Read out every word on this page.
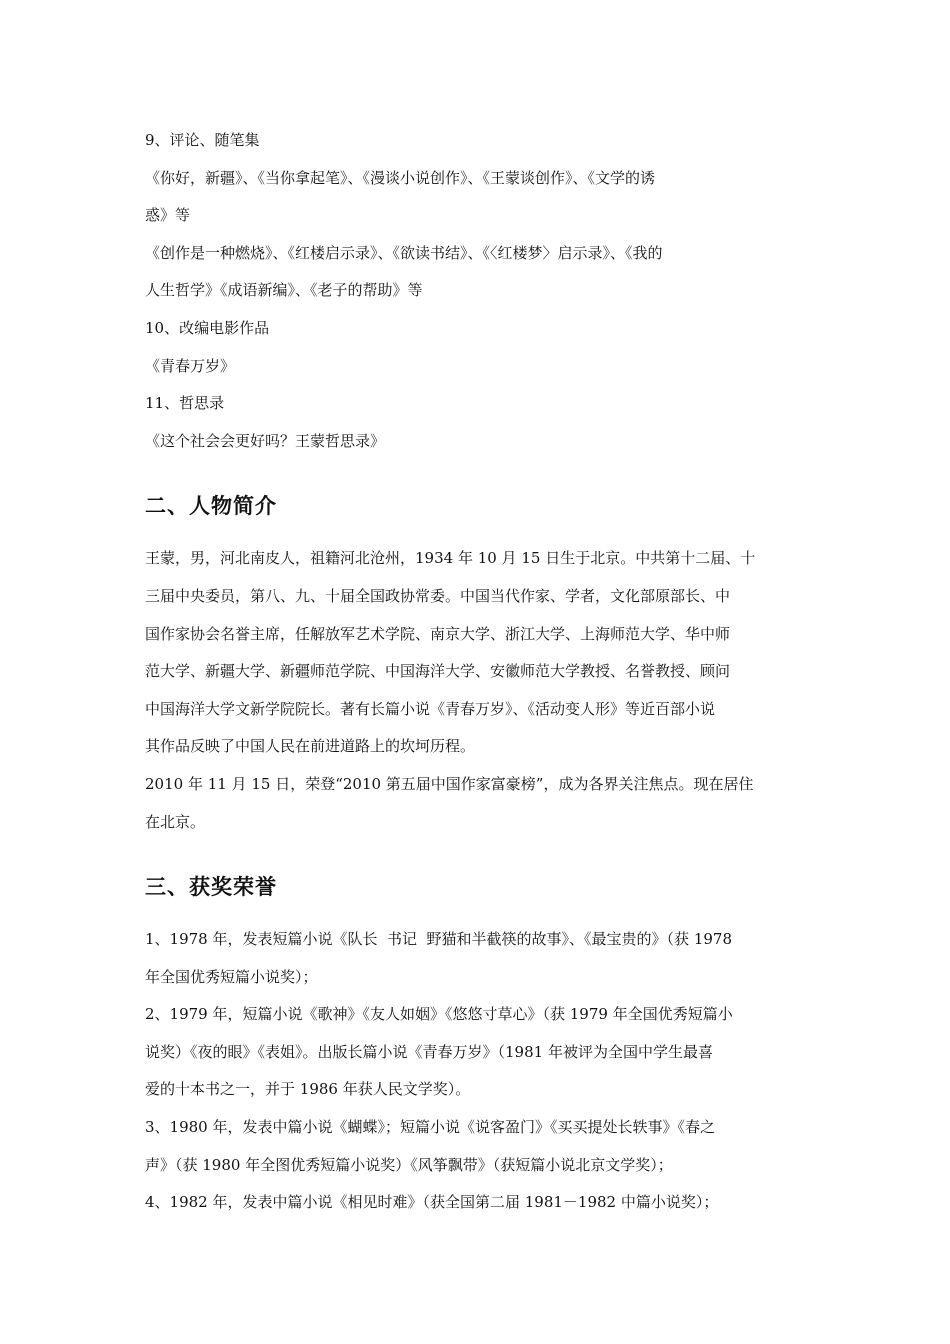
9、评论、随笔集

《你好，新疆》、《当你拿起笔》、《漫谈小说创作》、《王蒙谈创作》、《文学的诱

惑》等

《创作是一种燃烧》、《红楼启示录》、《欲读书结》、《〈红楼梦〉启示录》、《我的

人生哲学》《成语新编》、《老子的帮助》等

10、改编电影作品

《青春万岁》

11、哲思录

《这个社会会更好吗？王蒙哲思录》

二、人物简介

王蒙，男，河北南皮人，祖籍河北沧州，1934 年 10 月 15 日生于北京。中共第十二届、十

三届中央委员，第八、九、十届全国政协常委。中国当代作家、学者，文化部原部长、中

国作家协会名誉主席，任解放军艺术学院、南京大学、浙江大学、上海师范大学、华中师

范大学、新疆大学、新疆师范学院、中国海洋大学、安徽师范大学教授、名誉教授、顾问

中国海洋大学文新学院院长。著有长篇小说《青春万岁》、《活动变人形》等近百部小说

其作品反映了中国人民在前进道路上的坎坷历程。

2010 年 11 月 15 日，荣登“2010 第五届中国作家富豪榜”，成为各界关注焦点。现在居住

在北京。

三、获奖荣誉

1、1978 年，发表短篇小说《队长  书记  野猫和半截筷的故事》、《最宝贵的》（获 1978

年全国优秀短篇小说奖）；

2、1979 年，短篇小说《歌神》《友人如姻》《悠悠寸草心》（获 1979 年全国优秀短篇小

说奖）《夜的眼》《表姐》。出版长篇小说《青春万岁》（1981 年被评为全国中学生最喜

爱的十本书之一，并于 1986 年获人民文学奖）。

3、1980 年，发表中篇小说《蝴蝶》；短篇小说《说客盈门》《买买提处长轶事》《春之

声》（获 1980 年全图优秀短篇小说奖）《风筝飘带》（获短篇小说北京文学奖）；

4、1982 年，发表中篇小说《相见时难》（获全国第二届 1981－1982 中篇小说奖）；
